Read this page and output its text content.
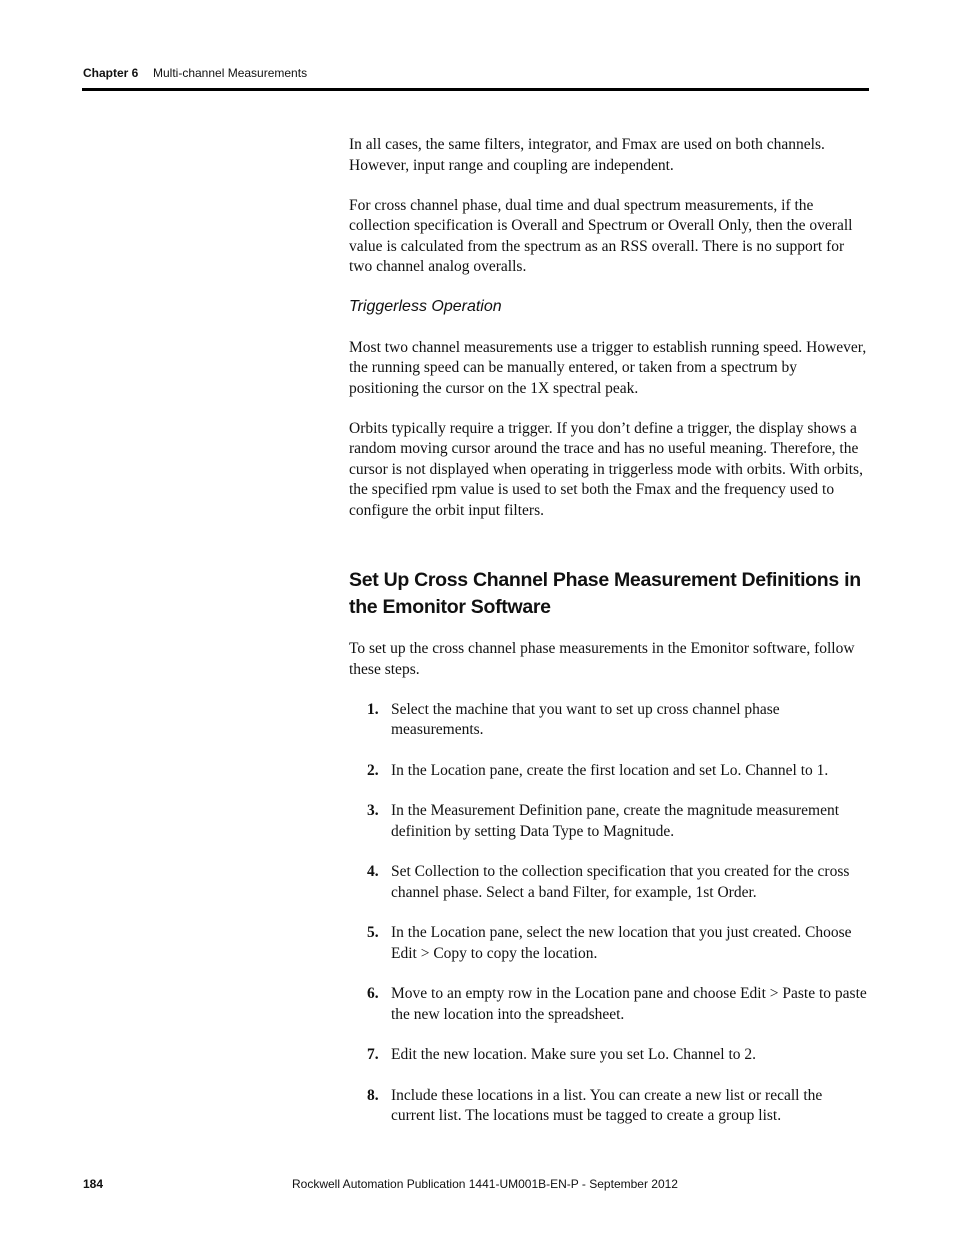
Chapter 6 Multi-channel Measurements

In all cases, the same filters, integrator, and Fmax are used on both channels. However, input range and coupling are independent.

For cross channel phase, dual time and dual spectrum measurements, if the collection specification is Overall and Spectrum or Overall Only, then the overall value is calculated from the spectrum as an RSS overall. There is no support for two channel analog overalls.

Triggerless Operation

Most two channel measurements use a trigger to establish running speed. However, the running speed can be manually entered, or taken from a spectrum by positioning the cursor on the 1X spectral peak.

Orbits typically require a trigger. If you don’t define a trigger, the display shows a random moving cursor around the trace and has no useful meaning. Therefore, the cursor is not displayed when operating in triggerless mode with orbits. With orbits, the specified rpm value is used to set both the Fmax and the frequency used to configure the orbit input filters.

Set Up Cross Channel Phase Measurement Definitions in the Emonitor Software

To set up the cross channel phase measurements in the Emonitor software, follow these steps.

1. Select the machine that you want to set up cross channel phase measurements.
2. In the Location pane, create the first location and set Lo. Channel to 1.
3. In the Measurement Definition pane, create the magnitude measurement definition by setting Data Type to Magnitude.
4. Set Collection to the collection specification that you created for the cross channel phase. Select a band Filter, for example, 1st Order.
5. In the Location pane, select the new location that you just created. Choose Edit > Copy to copy the location.
6. Move to an empty row in the Location pane and choose Edit > Paste to paste the new location into the spreadsheet.
7. Edit the new location. Make sure you set Lo. Channel to 2.
8. Include these locations in a list. You can create a new list or recall the current list. The locations must be tagged to create a group list.
184	Rockwell Automation Publication 1441-UM001B-EN-P - September 2012
